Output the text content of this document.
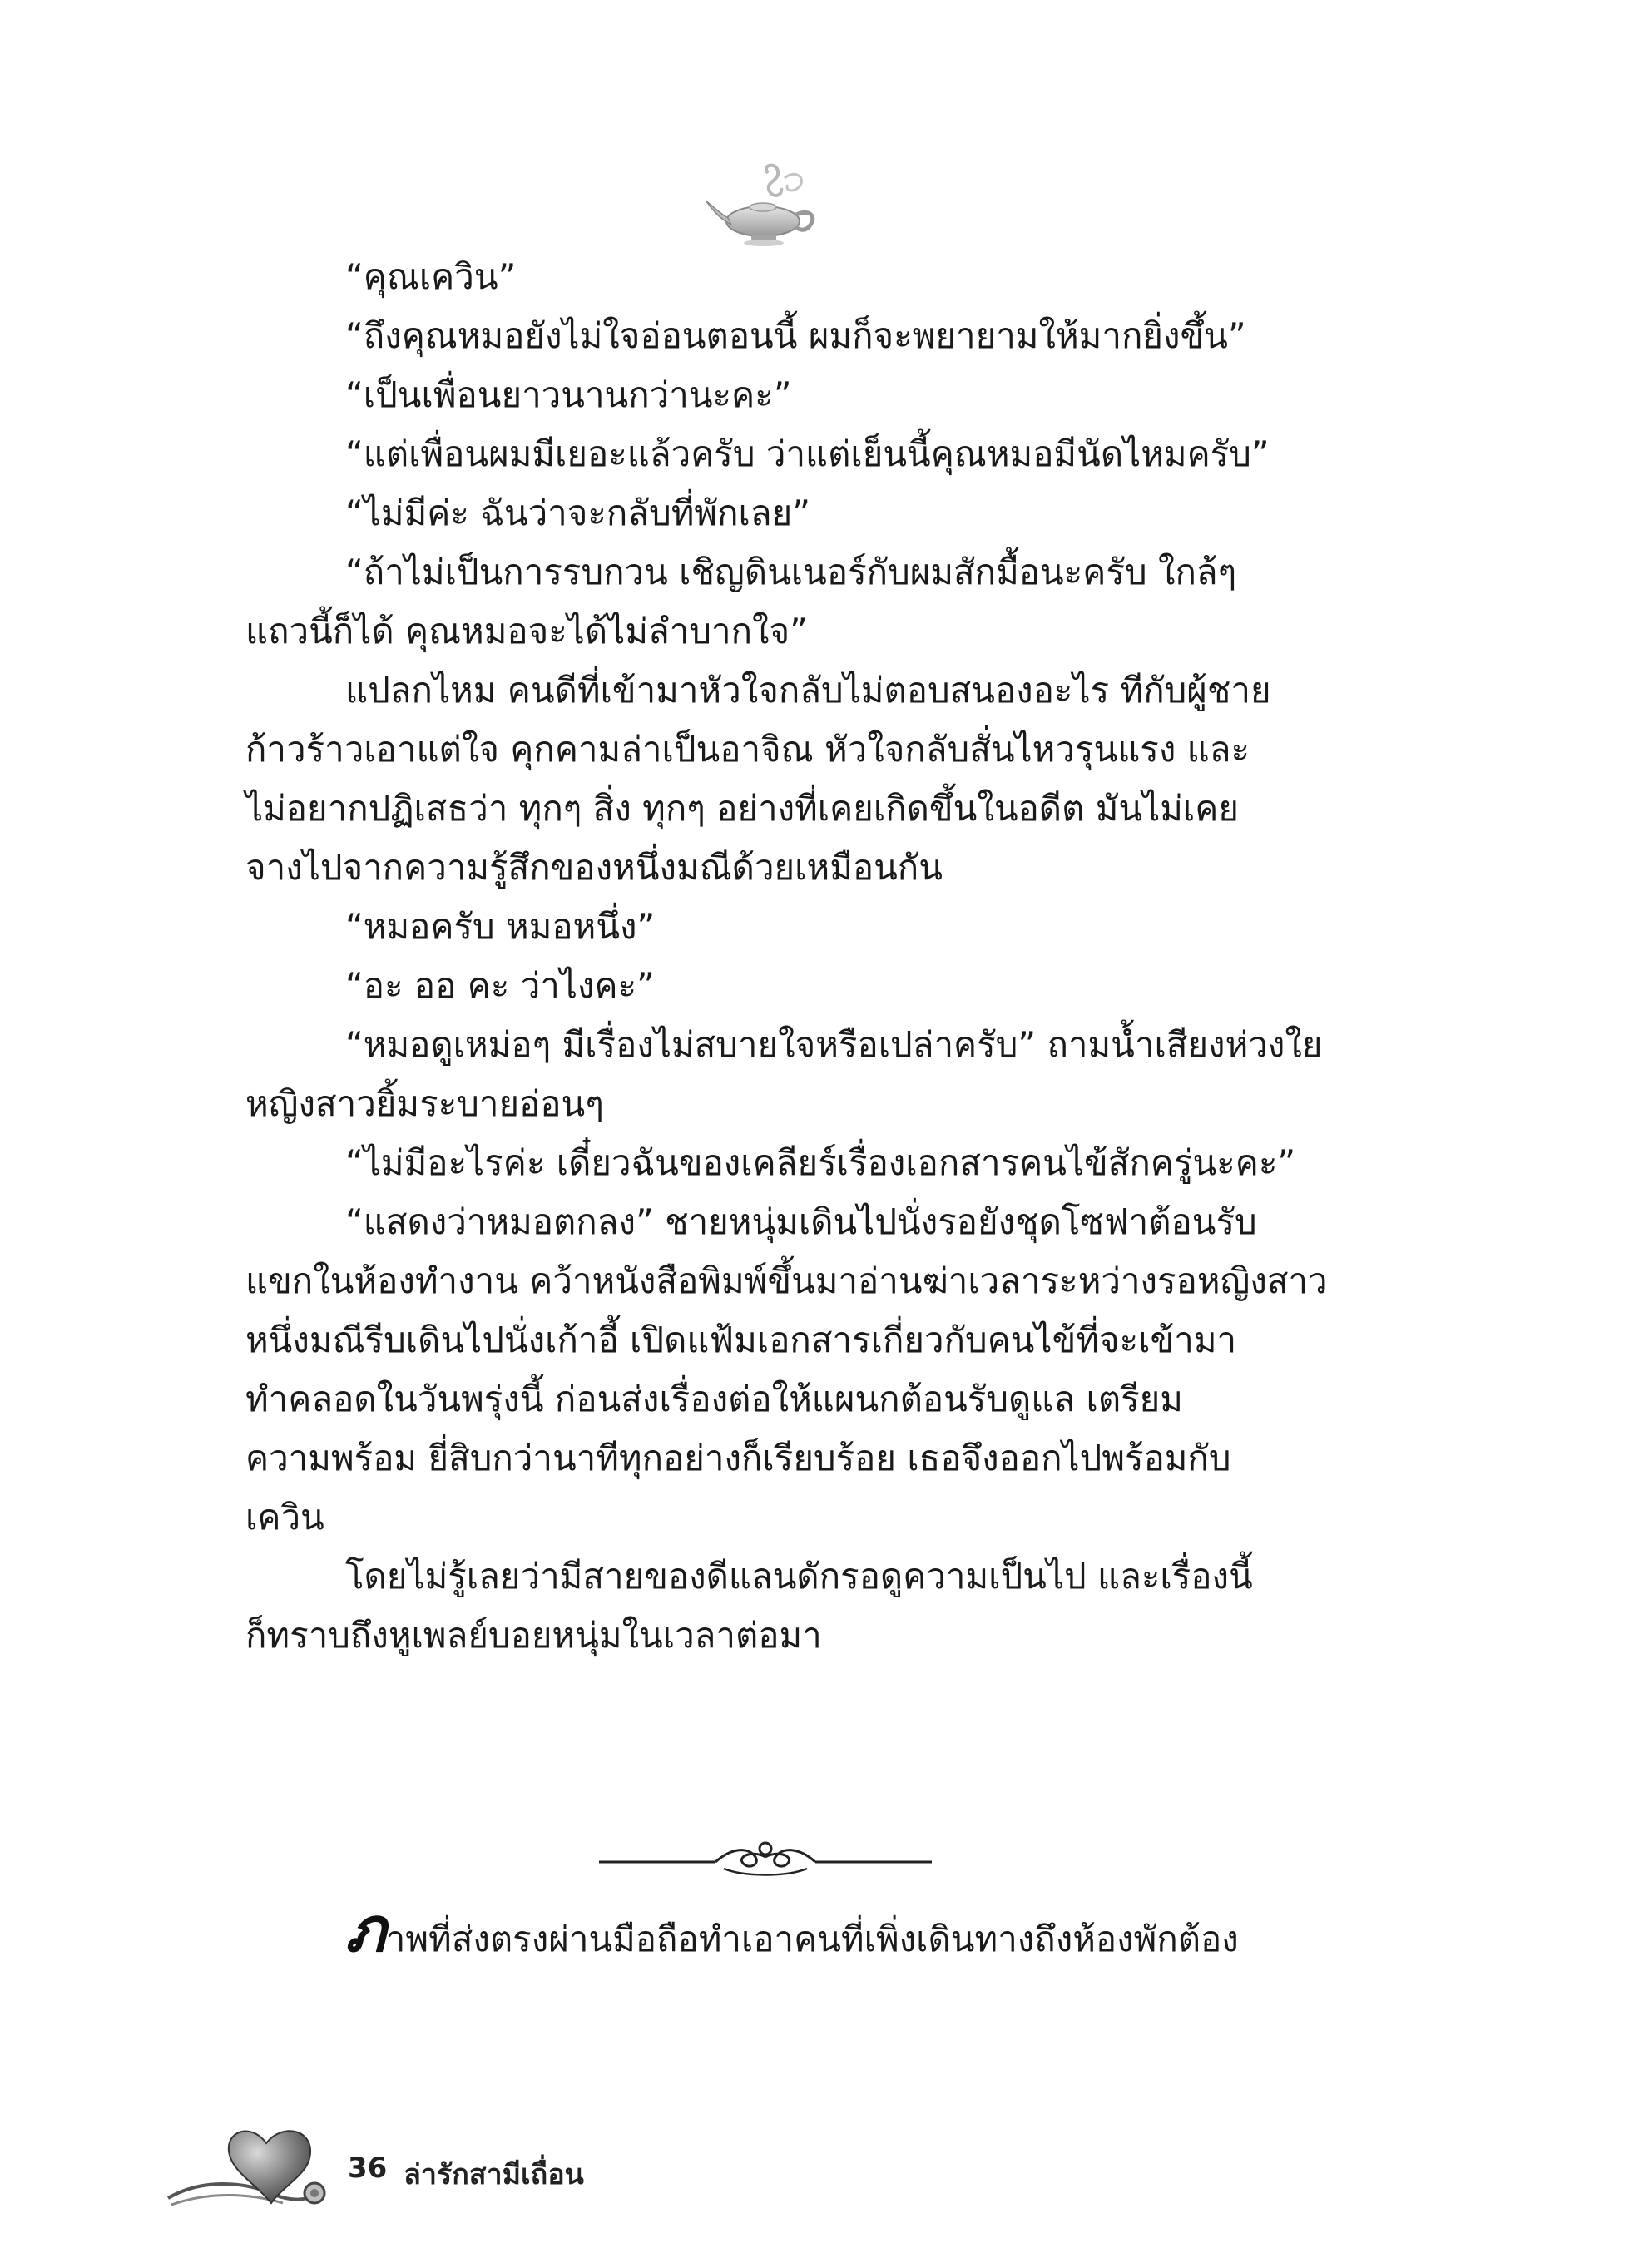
“คุณเควิน”
“ถึงคุณหมอยังไม่ใจอ่อนตอนนี้ ผมก็จะพยายามให้มากยิ่งขึ้น”
“เป็นเพื่อนยาวนานกว่านะคะ”
“แต่เพื่อนผมมีเยอะแล้วครับ ว่าแต่เย็นนี้คุณหมอมีนัดไหมครับ”
“ไม่มีค่ะ ฉันว่าจะกลับที่พักเลย”
“ถ้าไม่เป็นการรบกวน เชิญดินเนอร์กับผมสักมื้อนะครับ ใกล้ๆ
แถวนี้ก็ได้ คุณหมอจะได้ไม่ลำบากใจ”
แปลกไหม คนดีที่เข้ามาหัวใจกลับไม่ตอบสนองอะไร ทีกับผู้ชาย
ก้าวร้าวเอาแต่ใจ คุกคามล่าเป็นอาจิณ หัวใจกลับสั่นไหวรุนแรง และ
ไม่อยากปฏิเสธว่า ทุกๆ สิ่ง ทุกๆ อย่างที่เคยเกิดขึ้นในอดีต มันไม่เคย
จางไปจากความรู้สึกของหนึ่งมณีด้วยเหมือนกัน
“หมอครับ หมอหนึ่ง”
“อะ ออ คะ ว่าไงคะ”
“หมอดูเหม่อๆ มีเรื่องไม่สบายใจหรือเปล่าครับ” ถามน้ำเสียงห่วงใย
หญิงสาวยิ้มระบายอ่อนๆ
“ไม่มีอะไรค่ะ เดี๋ยวฉันของเคลียร์เรื่องเอกสารคนไข้สักครู่นะคะ”
“แสดงว่าหมอตกลง” ชายหนุ่มเดินไปนั่งรอยังชุดโซฟาต้อนรับ
แขกในห้องทำงาน คว้าหนังสือพิมพ์ขึ้นมาอ่านฆ่าเวลาระหว่างรอหญิงสาว
หนึ่งมณีรีบเดินไปนั่งเก้าอี้ เปิดแฟ้มเอกสารเกี่ยวกับคนไข้ที่จะเข้ามา
ทำคลอดในวันพรุ่งนี้ ก่อนส่งเรื่องต่อให้แผนกต้อนรับดูแล เตรียม
ความพร้อม ยี่สิบกว่านาทีทุกอย่างก็เรียบร้อย เธอจึงออกไปพร้อมกับ
เควิน
โดยไม่รู้เลยว่ามีสายของดีแลนดักรอดูความเป็นไป และเรื่องนี้
ก็ทราบถึงหูเพลย์บอยหนุ่มในเวลาต่อมา
ภาพที่ส่งตรงผ่านมือถือทำเอาคนที่เพิ่งเดินทางถึงห้องพักต้อง
36 ล่ารักสามีเถื่อน
